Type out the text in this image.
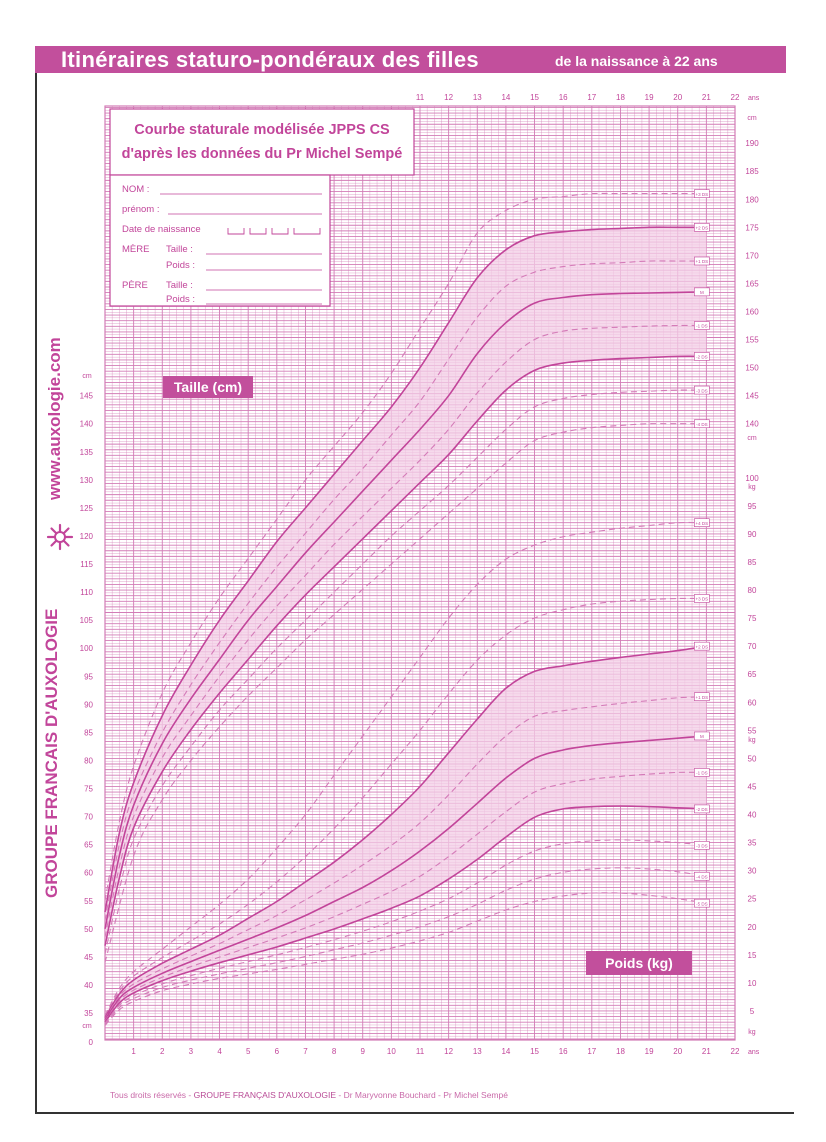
Itinéraires staturo-pondéraux des filles	de la naissance à 22 ans
www.auxologie.com
GROUPE FRANCAIS D'AUXOLOGIE
1	2	3	4	5	6	7	8	9	10	11	12 13 14 15 16 17 18 19 20 21 22
11	12 13 14 15 16 17 18 19 20 21 22
ans
ans
35
40
45
50
55
60
65
70
75
80
85
90
95
100
105
110
115
120
125
130
135
140
145
0
cm
cm
140
145
150
155
160
165
170
175
180
185
190
5
10
15
20
25
30
35
40
45
50
55
60
65
70
75
80
85
90
95
cm
cm
kg
kg
kg
100
+3 DS
+2 DS
+1 DS
M
-1 DS
-2 DS
-3 DS
-4 DS
+4 DS
+3 DS
+2 DS
+1 DS
M
-1 DS
-2 DS
-3 DS
-4 DS
-5 DS
Courbe staturale modélisée JPPS CS
d'après les données du Pr Michel Sempé
NOM :
prénom :
Date de naissance
MÈRE Taille :
Poids :
PÈRE Taille :
Poids :
Taille (cm)
Poids (kg)
Tous droits réservés - GROUPE FRANÇAIS D'AUXOLOGIE - Dr Maryvonne Bouchard - Pr Michel Sempé
